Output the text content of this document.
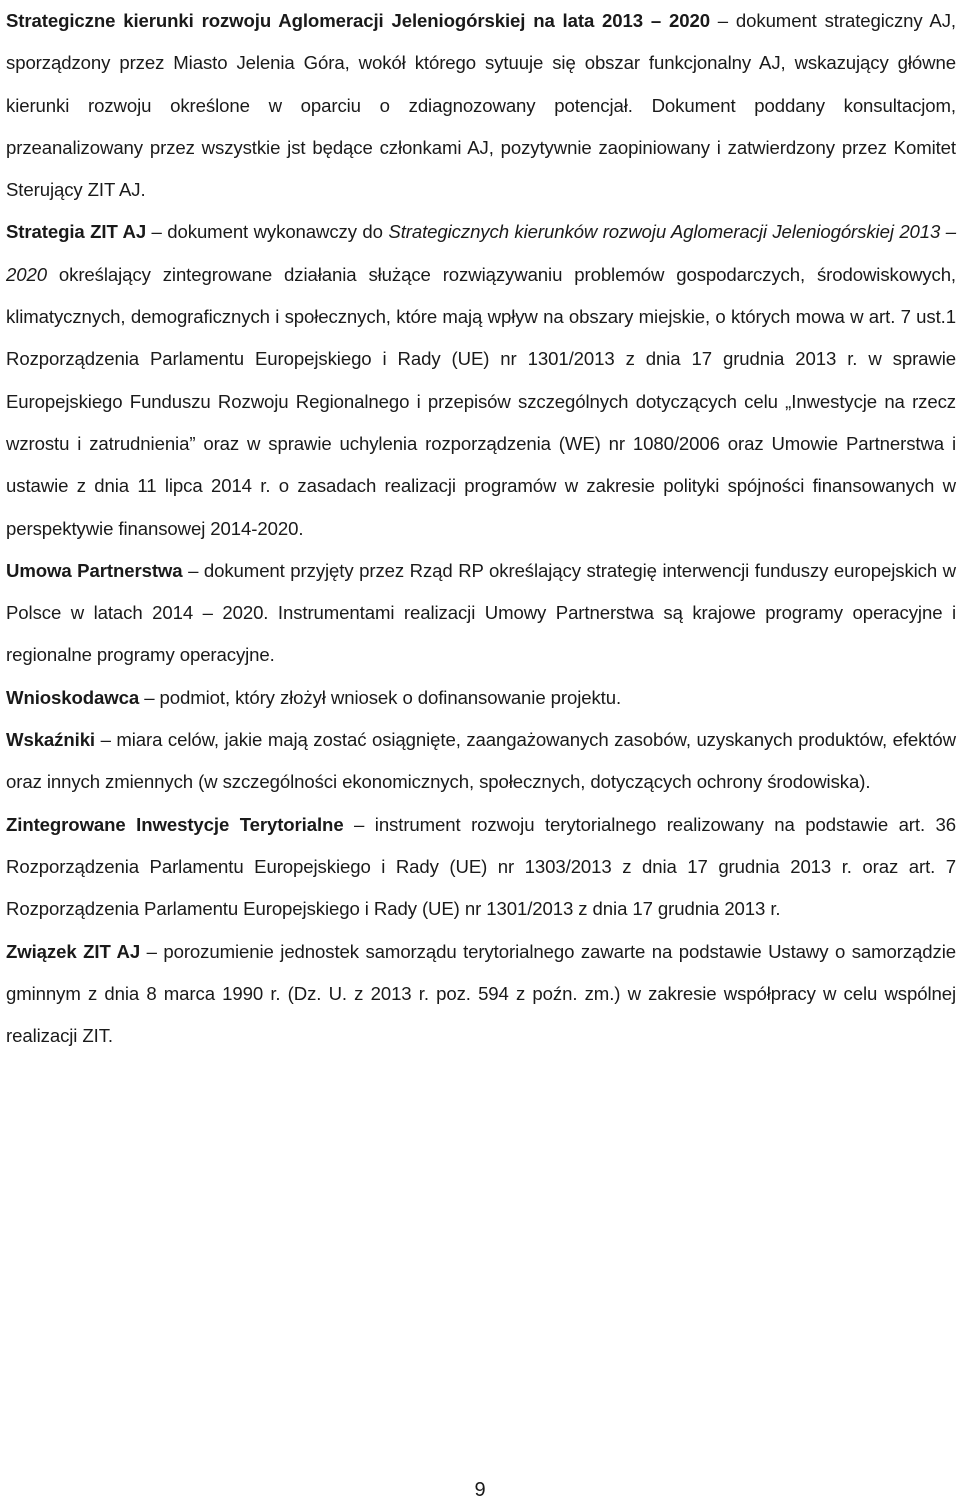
Strategiczne kierunki rozwoju Aglomeracji Jeleniogórskiej na lata 2013 – 2020 – dokument strategiczny AJ, sporządzony przez Miasto Jelenia Góra, wokół którego sytuuje się obszar funkcjonalny AJ, wskazujący główne kierunki rozwoju określone w oparciu o zdiagnozowany potencjał. Dokument poddany konsultacjom, przeanalizowany przez wszystkie jst będące członkami AJ, pozytywnie zaopiniowany i zatwierdzony przez Komitet Sterujący ZIT AJ.

Strategia ZIT AJ – dokument wykonawczy do Strategicznych kierunków rozwoju Aglomeracji Jeleniogórskiej 2013 – 2020 określający zintegrowane działania służące rozwiązywaniu problemów gospodarczych, środowiskowych, klimatycznych, demograficznych i społecznych, które mają wpływ na obszary miejskie, o których mowa w art. 7 ust.1 Rozporządzenia Parlamentu Europejskiego i Rady (UE) nr 1301/2013 z dnia 17 grudnia 2013 r. w sprawie Europejskiego Funduszu Rozwoju Regionalnego i przepisów szczególnych dotyczących celu „Inwestycje na rzecz wzrostu i zatrudnienia” oraz w sprawie uchylenia rozporządzenia (WE) nr 1080/2006 oraz Umowie Partnerstwa i ustawie z dnia 11 lipca 2014 r. o zasadach realizacji programów w zakresie polityki spójności finansowanych w perspektywie finansowej 2014-2020.

Umowa Partnerstwa – dokument przyjęty przez Rząd RP określający strategię interwencji funduszy europejskich w Polsce w latach 2014 – 2020. Instrumentami realizacji Umowy Partnerstwa są krajowe programy operacyjne i regionalne programy operacyjne.

Wnioskodawca – podmiot, który złożył wniosek o dofinansowanie projektu.

Wskaźniki – miara celów, jakie mają zostać osiągnięte, zaangażowanych zasobów, uzyskanych produktów, efektów oraz innych zmiennych (w szczególności ekonomicznych, społecznych, dotyczących ochrony środowiska).

Zintegrowane Inwestycje Terytorialne – instrument rozwoju terytorialnego realizowany na podstawie art. 36 Rozporządzenia Parlamentu Europejskiego i Rady (UE) nr 1303/2013 z dnia 17 grudnia 2013 r. oraz art. 7 Rozporządzenia Parlamentu Europejskiego i Rady (UE) nr 1301/2013 z dnia 17 grudnia 2013 r.

Związek ZIT AJ – porozumienie jednostek samorządu terytorialnego zawarte na podstawie Ustawy o samorządzie gminnym z dnia 8 marca 1990 r. (Dz. U. z 2013 r. poz. 594 z poźn. zm.) w zakresie współpracy w celu wspólnej realizacji ZIT.

9
